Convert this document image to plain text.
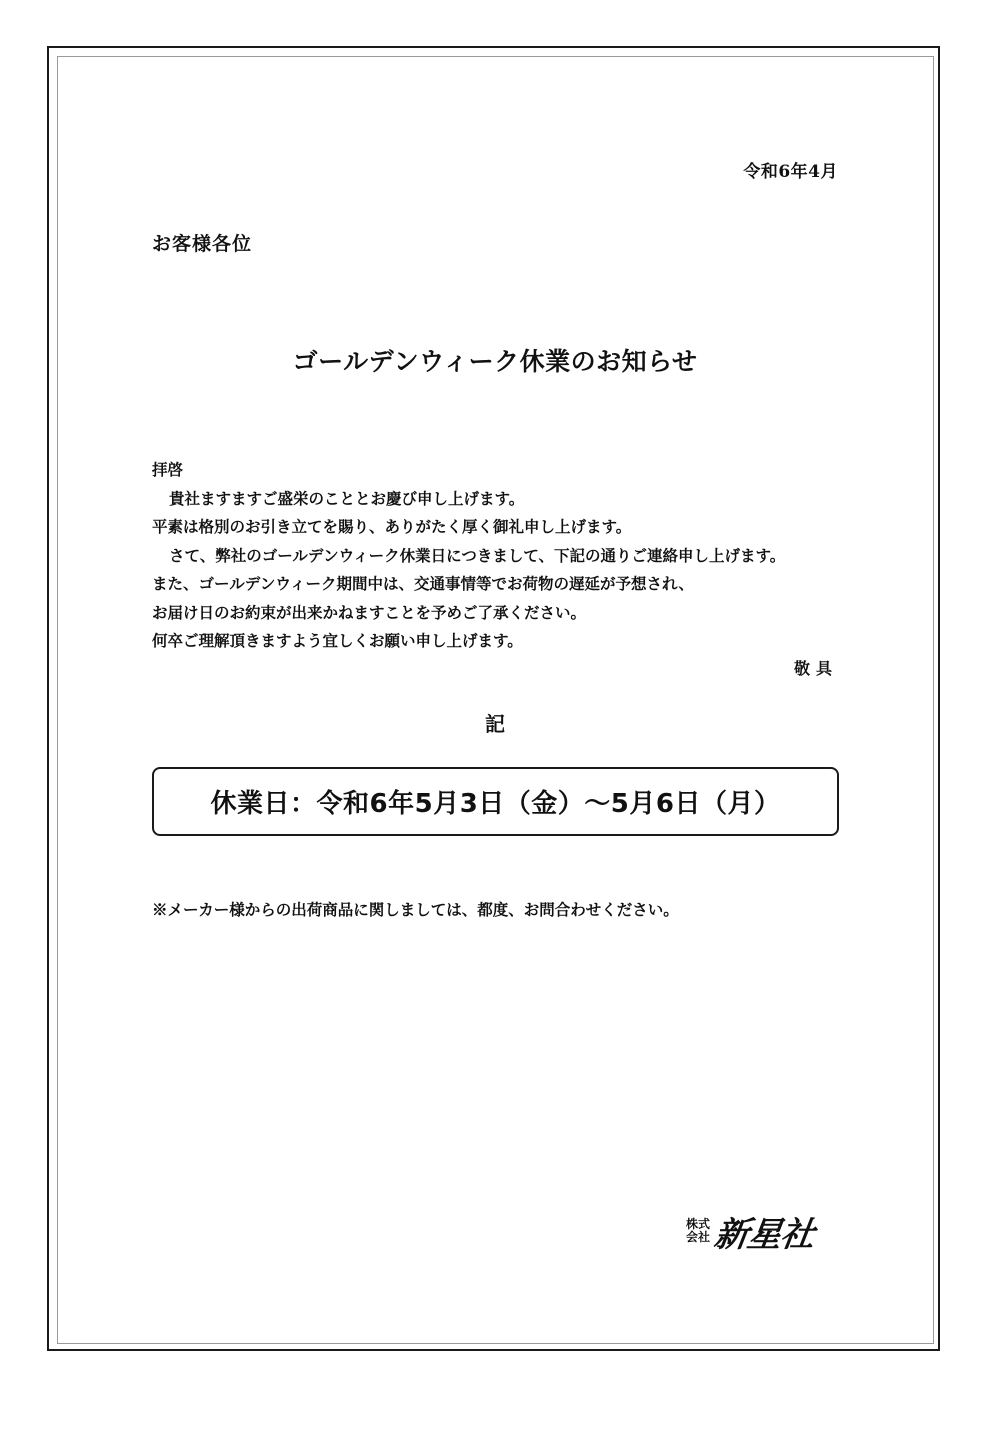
令和6年4月
お客様各位
ゴールデンウィーク休業のお知らせ
拝啓
貴社ますますご盛栄のこととお慶び申し上げます。
平素は格別のお引き立てを賜り、ありがたく厚く御礼申し上げます。
さて、弊社のゴールデンウィーク休業日につきまして、下記の通りご連絡申し上げます。
また、ゴールデンウィーク期間中は、交通事情等でお荷物の遅延が予想され、
お届け日のお約束が出来かねますことを予めご了承ください。
何卒ご理解頂きますよう宜しくお願い申し上げます。
敬具
記
休業日：令和6年5月3日（金）～5月6日（月）
※メーカー様からの出荷商品に関しましては、都度、お問合わせください。
株式
会社 新星社
